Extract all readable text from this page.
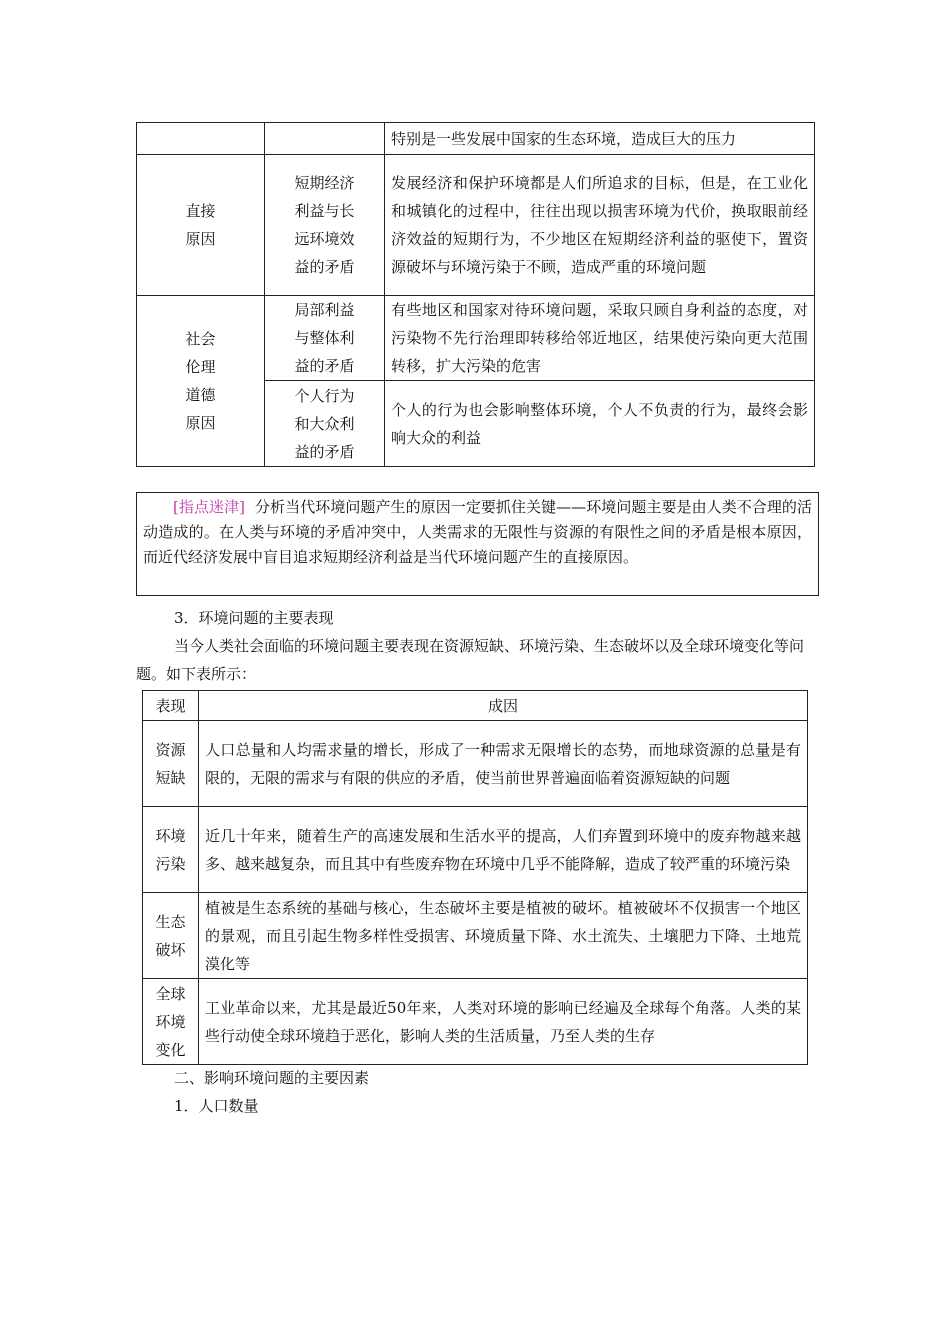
		特别是一些发展中国家的生态环境，造成巨大的压力

直接原因	短期经济利益与长远环境效益的矛盾	发展经济和保护环境都是人们所追求的目标，但是，在工业化和城镇化的过程中，往往出现以损害环境为代价，换取眼前经济效益的短期行为，不少地区在短期经济利益的驱使下，置资源破坏与环境污染于不顾，造成严重的环境问题

社会伦理道德原因	局部利益与整体利益的矛盾	有些地区和国家对待环境问题，采取只顾自身利益的态度，对污染物不先行治理即转移给邻近地区，结果使污染向更大范围转移，扩大污染的危害

	个人行为和大众利益的矛盾	个人的行为也会影响整体环境，个人不负责的行为，最终会影响大众的利益
[指点迷津] 分析当代环境问题产生的原因一定要抓住关键——环境问题主要是由人类不合理的活动造成的。在人类与环境的矛盾冲突中，人类需求的无限性与资源的有限性之间的矛盾是根本原因，而近代经济发展中盲目追求短期经济利益是当代环境问题产生的直接原因。
3．环境问题的主要表现
当今人类社会面临的环境问题主要表现在资源短缺、环境污染、生态破坏以及全球环境变化等问题。如下表所示：
表现	成因

资源短缺	人口总量和人均需求量的增长，形成了一种需求无限增长的态势，而地球资源的总量是有限的，无限的需求与有限的供应的矛盾，使当前世界普遍面临着资源短缺的问题

环境污染	近几十年来，随着生产的高速发展和生活水平的提高，人们弃置到环境中的废弃物越来越多、越来越复杂，而且其中有些废弃物在环境中几乎不能降解，造成了较严重的环境污染

生态破坏	植被是生态系统的基础与核心，生态破坏主要是植被的破坏。植被破坏不仅损害一个地区的景观，而且引起生物多样性受损害、环境质量下降、水土流失、土壤肥力下降、土地荒漠化等

全球环境变化	工业革命以来，尤其是最近50年来，人类对环境的影响已经遍及全球每个角落。人类的某些行动使全球环境趋于恶化，影响人类的生活质量，乃至人类的生存
二、影响环境问题的主要因素
1．人口数量
